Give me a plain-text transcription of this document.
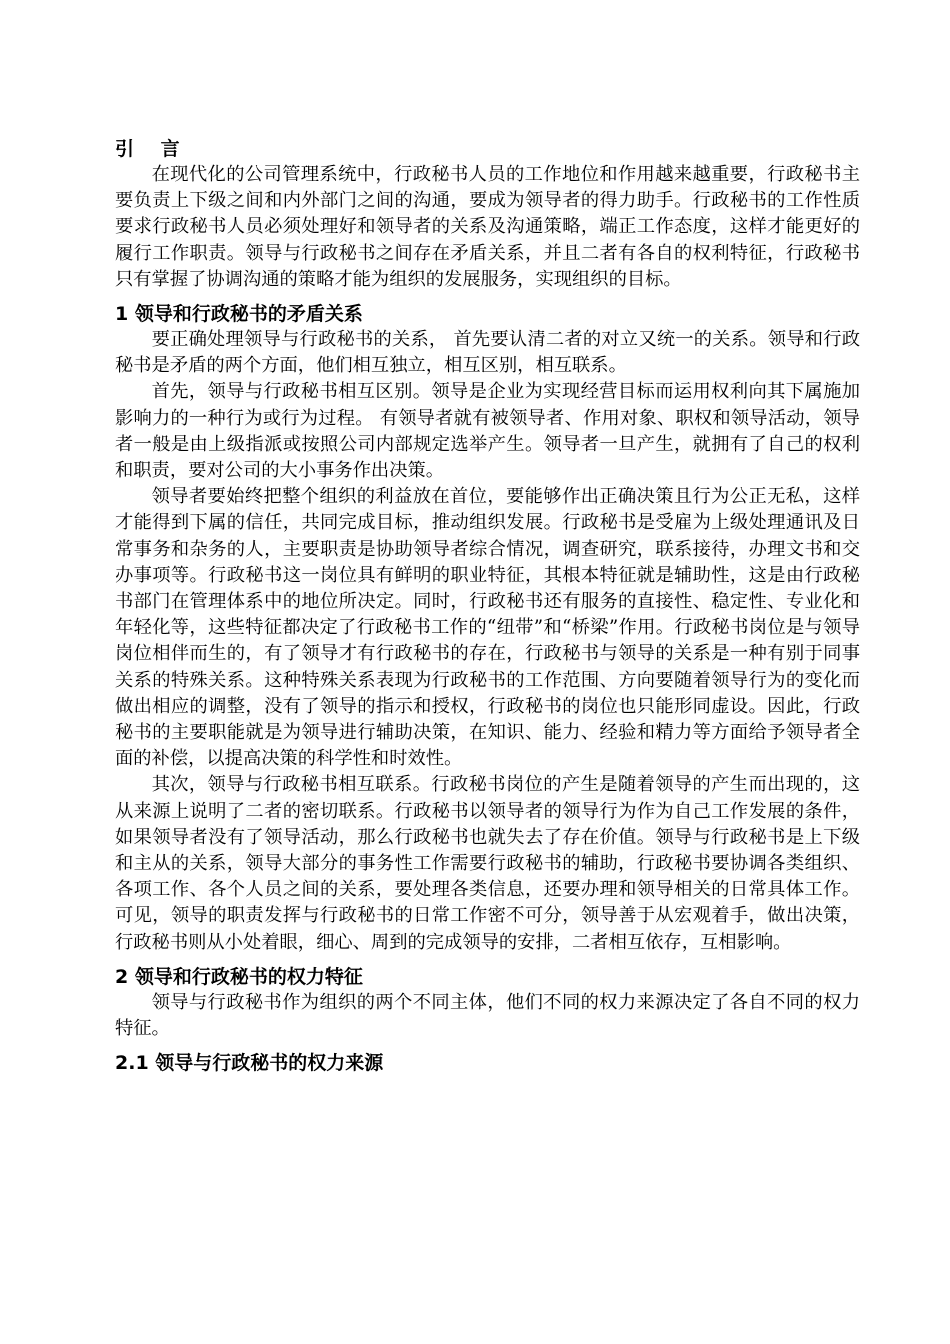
引 言

在现代化的公司管理系统中，行政秘书人员的工作地位和作用越来越重要，行政秘书主要负责上下级之间和内外部门之间的沟通，要成为领导者的得力助手。行政秘书的工作性质要求行政秘书人员必须处理好和领导者的关系及沟通策略，端正工作态度，这样才能更好的履行工作职责。领导与行政秘书之间存在矛盾关系，并且二者有各自的权利特征，行政秘书只有掌握了协调沟通的策略才能为组织的发展服务，实现组织的目标。

1 领导和行政秘书的矛盾关系

要正确处理领导与行政秘书的关系， 首先要认清二者的对立又统一的关系。领导和行政秘书是矛盾的两个方面，他们相互独立，相互区别，相互联系。

首先，领导与行政秘书相互区别。领导是企业为实现经营目标而运用权利向其下属施加影响力的一种行为或行为过程。 有领导者就有被领导者、作用对象、职权和领导活动，领导者一般是由上级指派或按照公司内部规定选举产生。领导者一旦产生，就拥有了自己的权利和职责，要对公司的大小事务作出决策。

领导者要始终把整个组织的利益放在首位，要能够作出正确决策且行为公正无私，这样才能得到下属的信任，共同完成目标，推动组织发展。行政秘书是受雇为上级处理通讯及日常事务和杂务的人，主要职责是协助领导者综合情况，调查研究，联系接待，办理文书和交办事项等。行政秘书这一岗位具有鲜明的职业特征，其根本特征就是辅助性，这是由行政秘书部门在管理体系中的地位所决定。同时，行政秘书还有服务的直接性、稳定性、专业化和年轻化等，这些特征都决定了行政秘书工作的“纽带”和“桥梁”作用。行政秘书岗位是与领导岗位相伴而生的，有了领导才有行政秘书的存在，行政秘书与领导的关系是一种有别于同事关系的特殊关系。这种特殊关系表现为行政秘书的工作范围、方向要随着领导行为的变化而做出相应的调整，没有了领导的指示和授权，行政秘书的岗位也只能形同虚设。因此，行政秘书的主要职能就是为领导进行辅助决策，在知识、能力、经验和精力等方面给予领导者全面的补偿，以提高决策的科学性和时效性。

其次，领导与行政秘书相互联系。行政秘书岗位的产生是随着领导的产生而出现的，这从来源上说明了二者的密切联系。行政秘书以领导者的领导行为作为自己工作发展的条件，如果领导者没有了领导活动，那么行政秘书也就失去了存在价值。领导与行政秘书是上下级和主从的关系，领导大部分的事务性工作需要行政秘书的辅助，行政秘书要协调各类组织、各项工作、各个人员之间的关系，要处理各类信息，还要办理和领导相关的日常具体工作。可见，领导的职责发挥与行政秘书的日常工作密不可分，领导善于从宏观着手，做出决策，行政秘书则从小处着眼，细心、周到的完成领导的安排，二者相互依存，互相影响。

2 领导和行政秘书的权力特征

领导与行政秘书作为组织的两个不同主体，他们不同的权力来源决定了各自不同的权力特征。

2.1 领导与行政秘书的权力来源
